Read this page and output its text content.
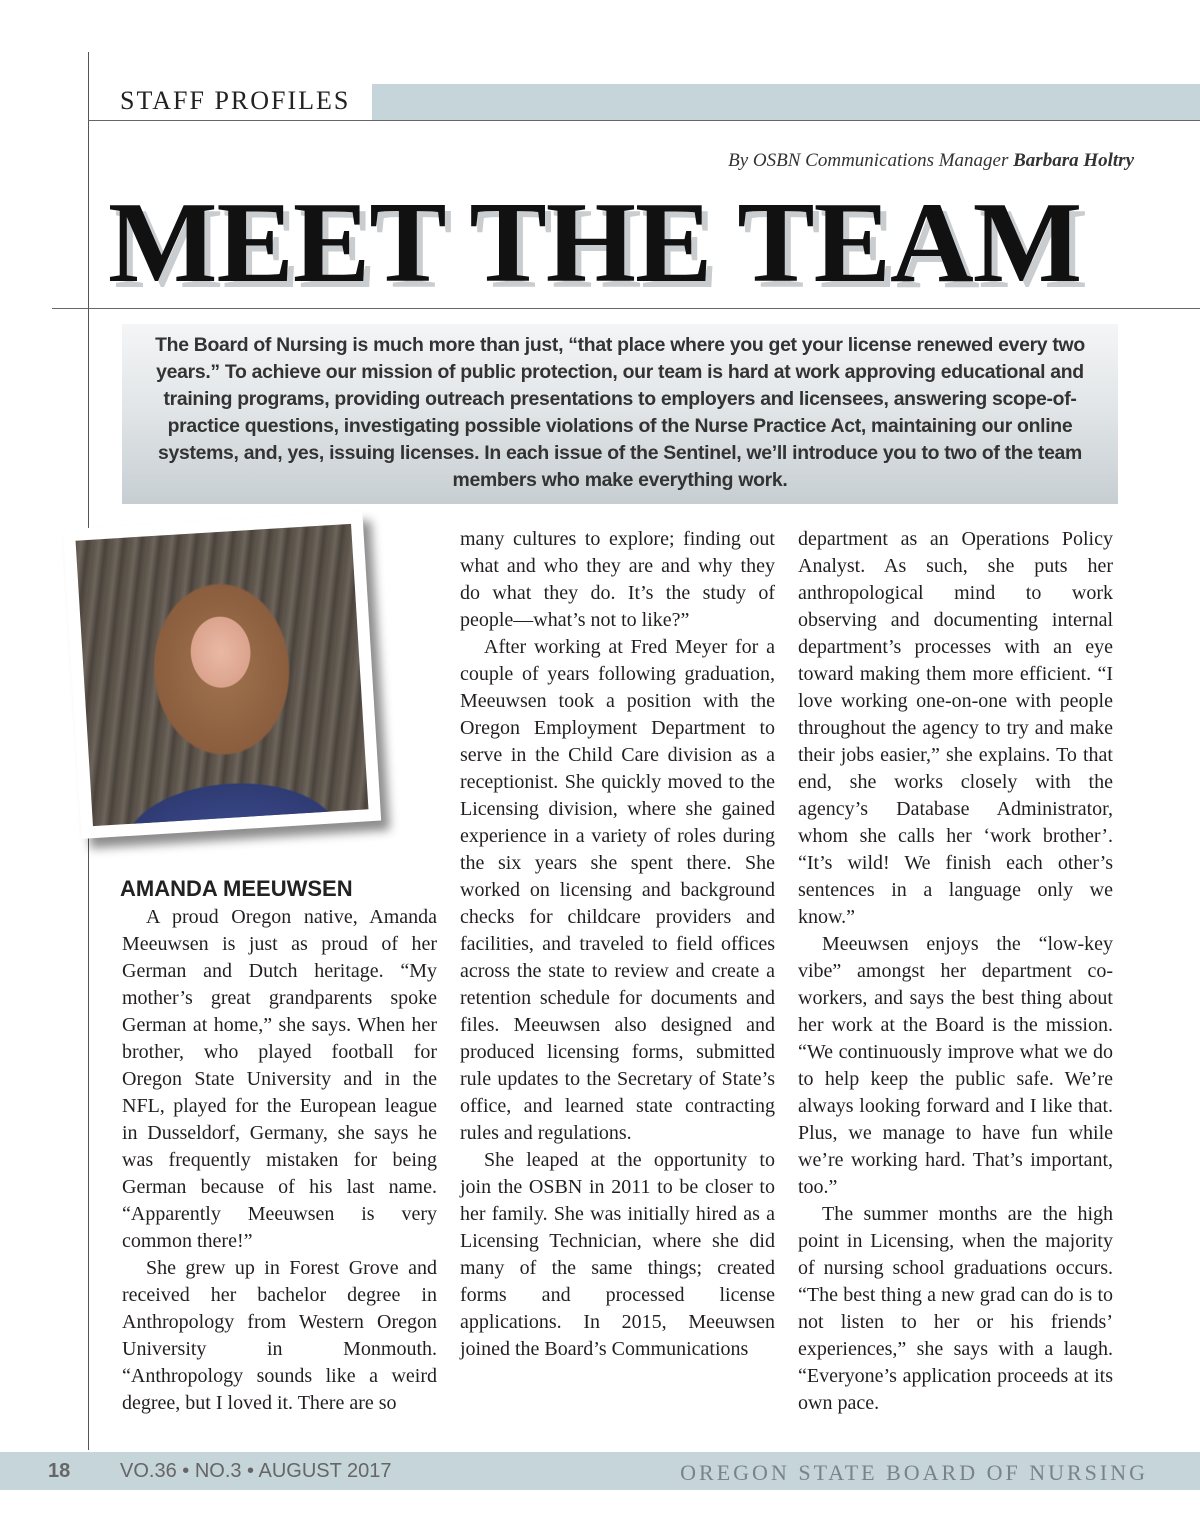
STAFF PROFILES
By OSBN Communications Manager Barbara Holtry
MEET THE TEAM
The Board of Nursing is much more than just, “that place where you get your license renewed every two years.” To achieve our mission of public protection, our team is hard at work approving educational and training programs, providing outreach presentations to employers and licensees, answering scope-of-practice questions, investigating possible violations of the Nurse Practice Act, maintaining our online systems, and, yes, issuing licenses. In each issue of the Sentinel, we’ll introduce you to two of the team members who make everything work.
AMANDA MEEUWSEN

A proud Oregon native, Amanda Meeuwsen is just as proud of her German and Dutch heritage. “My mother’s great grandparents spoke German at home,” she says. When her brother, who played football for Oregon State University and in the NFL, played for the European league in Dusseldorf, Germany, she says he was frequently mistaken for being German because of his last name. “Apparently Meeuwsen is very common there!”

She grew up in Forest Grove and received her bachelor degree in Anthropology from Western Oregon University in Monmouth. “Anthropology sounds like a weird degree, but I loved it. There are so

many cultures to explore; finding out what and who they are and why they do what they do. It’s the study of people—what’s not to like?”

After working at Fred Meyer for a couple of years following graduation, Meeuwsen took a position with the Oregon Employment Department to serve in the Child Care division as a receptionist. She quickly moved to the Licensing division, where she gained experience in a variety of roles during the six years she spent there. She worked on licensing and background checks for childcare providers and facilities, and traveled to field offices across the state to review and create a retention schedule for documents and files. Meeuwsen also designed and produced licensing forms, submitted rule updates to the Secretary of State’s office, and learned state contracting rules and regulations.

She leaped at the opportunity to join the OSBN in 2011 to be closer to her family. She was initially hired as a Licensing Technician, where she did many of the same things; created forms and processed license applications. In 2015, Meeuwsen joined the Board’s Communications

department as an Operations Policy Analyst. As such, she puts her anthropological mind to work observing and documenting internal department’s processes with an eye toward making them more efficient. “I love working one-on-one with people throughout the agency to try and make their jobs easier,” she explains. To that end, she works closely with the agency’s Database Administrator, whom she calls her ‘work brother’. “It’s wild! We finish each other’s sentences in a language only we know.”

Meeuwsen enjoys the “low-key vibe” amongst her department co-workers, and says the best thing about her work at the Board is the mission. “We continuously improve what we do to help keep the public safe. We’re always looking forward and I like that. Plus, we manage to have fun while we’re working hard. That’s important, too.”

The summer months are the high point in Licensing, when the majority of nursing school graduations occurs. “The best thing a new grad can do is to not listen to her or his friends’ experiences,” she says with a laugh. “Everyone’s application proceeds at its own pace.

18 VO.36 • NO.3 • AUGUST 2017	OREGON STATE BOARD OF NURSING
